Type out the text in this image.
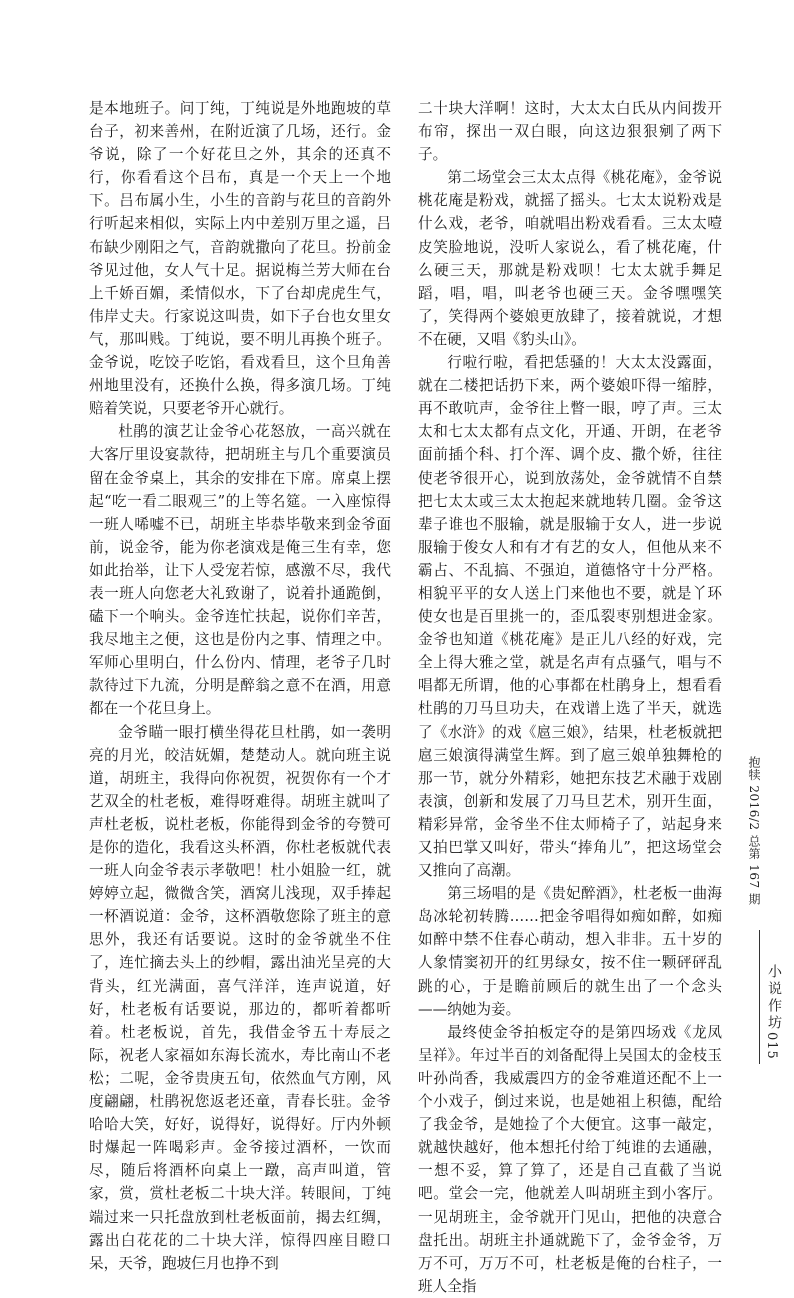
是本地班子。问丁纯，丁纯说是外地跑坡的草台子，初来善州，在附近演了几场，还行。金爷说，除了一个好花旦之外，其余的还真不行，你看看这个吕布，真是一个天上一个地下。吕布属小生，小生的音韵与花旦的音韵外行听起来相似，实际上内中差别万里之遥，吕布缺少刚阳之气，音韵就撒向了花旦。扮前金爷见过他，女人气十足。据说梅兰芳大师在台上千娇百媚，柔情似水，下了台却虎虎生气，伟岸丈夫。行家说这叫贵，如下子台也女里女气，那叫贱。丁纯说，要不明儿再换个班子。金爷说，吃饺子吃馅，看戏看旦，这个旦角善州地里没有，还换什么换，得多演几场。丁纯赔着笑说，只要老爷开心就行。

杜鹃的演艺让金爷心花怒放，一高兴就在大客厅里设宴款待，把胡班主与几个重要演员留在金爷桌上，其余的安排在下席。席桌上摆起“吃一看二眼观三”的上等名筵。一入座惊得一班人唏嘘不已，胡班主毕恭毕敬来到金爷面前，说金爷，能为你老演戏是俺三生有幸，您如此抬举，让下人受宠若惊，感激不尽，我代表一班人向您老大礼致谢了，说着扑通跪倒，磕下一个响头。金爷连忙扶起，说你们辛苦，我尽地主之便，这也是份内之事、情理之中。军师心里明白，什么份内、情理，老爷子几时款待过下九流，分明是醉翁之意不在酒，用意都在一个花旦身上。

金爷瞄一眼打横坐得花旦杜鹃，如一袭明亮的月光，皎洁妩媚，楚楚动人。就向班主说道，胡班主，我得向你祝贺，祝贺你有一个才艺双全的杜老板，难得呀难得。胡班主就叫了声杜老板，说杜老板，你能得到金爷的夸赞可是你的造化，我看这头杯酒，你杜老板就代表一班人向金爷表示孝敬吧！杜小姐脸一红，就婷婷立起，微微含笑，酒窝儿浅现，双手捧起一杯酒说道：金爷，这杯酒敬您除了班主的意思外，我还有话要说。这时的金爷就坐不住了，连忙摘去头上的纱帽，露出油光呈亮的大背头，红光满面，喜气洋洋，连声说道，好好，杜老板有话要说，那边的，都听着都听着。杜老板说，首先，我借金爷五十寿辰之际，祝老人家福如东海长流水，寿比南山不老松；二呢，金爷贵庚五旬，依然血气方刚，风度翩翩，杜鹃祝您返老还童，青春长驻。金爷哈哈大笑，好好，说得好，说得好。厅内外顿时爆起一阵喝彩声。金爷接过酒杯，一饮而尽，随后将酒杯向桌上一蹾，高声叫道，管家，赏，赏杜老板二十块大洋。转眼间，丁纯端过来一只托盘放到杜老板面前，揭去红绸，露出白花花的二十块大洋，惊得四座目瞪口呆，天爷，跑坡仨月也挣不到

二十块大洋啊！这时，大太太白氏从内间拨开布帘，探出一双白眼，向这边狠狠剜了两下子。

第二场堂会三太太点得《桃花庵》，金爷说桃花庵是粉戏，就摇了摇头。七太太说粉戏是什么戏，老爷，咱就唱出粉戏看看。三太太噎皮笑脸地说，没听人家说么，看了桃花庵，什么硬三天，那就是粉戏呗！七太太就手舞足蹈，唱，唱，叫老爷也硬三天。金爷嘿嘿笑了，笑得两个婆娘更放肆了，接着就说，才想不在硬，又唱《豹头山》。

行啦行啦，看把恁骚的！大太太没露面，就在二楼把话扔下来，两个婆娘吓得一缩脖，再不敢吭声，金爷往上瞥一眼，哼了声。三太太和七太太都有点文化，开通、开朗，在老爷面前插个科、打个浑、调个皮、撒个娇，往往使老爷很开心，说到放荡处，金爷就情不自禁把七太太或三太太抱起来就地转几圈。金爷这辈子谁也不服输，就是服输于女人，进一步说服输于俊女人和有才有艺的女人，但他从来不霸占、不乱搞、不强迫，道德恪守十分严格。相貌平平的女人送上门来他也不要，就是丫环使女也是百里挑一的，歪瓜裂枣别想进金家。金爷也知道《桃花庵》是正儿八经的好戏，完全上得大雅之堂，就是名声有点骚气，唱与不唱都无所谓，他的心事都在杜鹃身上，想看看杜鹃的刀马旦功夫，在戏谱上选了半天，就选了《水浒》的戏《扈三娘》，结果，杜老板就把扈三娘演得满堂生辉。到了扈三娘单独舞枪的那一节，就分外精彩，她把东技艺术融于戏剧表演，创新和发展了刀马旦艺术，别开生面，精彩异常，金爷坐不住太师椅子了，站起身来又拍巴掌又叫好，带头“捧角儿”，把这场堂会又推向了高潮。

第三场唱的是《贵妃醉酒》，杜老板一曲海岛冰轮初转腾……把金爷唱得如痴如醉，如痴如醉中禁不住春心萌动，想入非非。五十岁的人象情窦初开的红男绿女，按不住一颗砰砰乱跳的心，于是瞻前顾后的就生出了一个念头——纳她为妾。

最终使金爷拍板定夺的是第四场戏《龙凤呈祥》。年过半百的刘备配得上吴国太的金枝玉叶孙尚香，我威震四方的金爷难道还配不上一个小戏子，倒过来说，也是她祖上积德，配给了我金爷，是她捡了个大便宜。这事一敲定，就越快越好，他本想托付给丁纯谁的去通融，一想不妥，算了算了，还是自己直截了当说吧。堂会一完，他就差人叫胡班主到小客厅。一见胡班主，金爷就开门见山，把他的决意合盘托出。胡班主扑通就跪下了，金爷金爷，万万不可，万万不可，杜老板是俺的台柱子，一班人全指

抱犊 2016/2 总第 167 期
小说作坊
015
